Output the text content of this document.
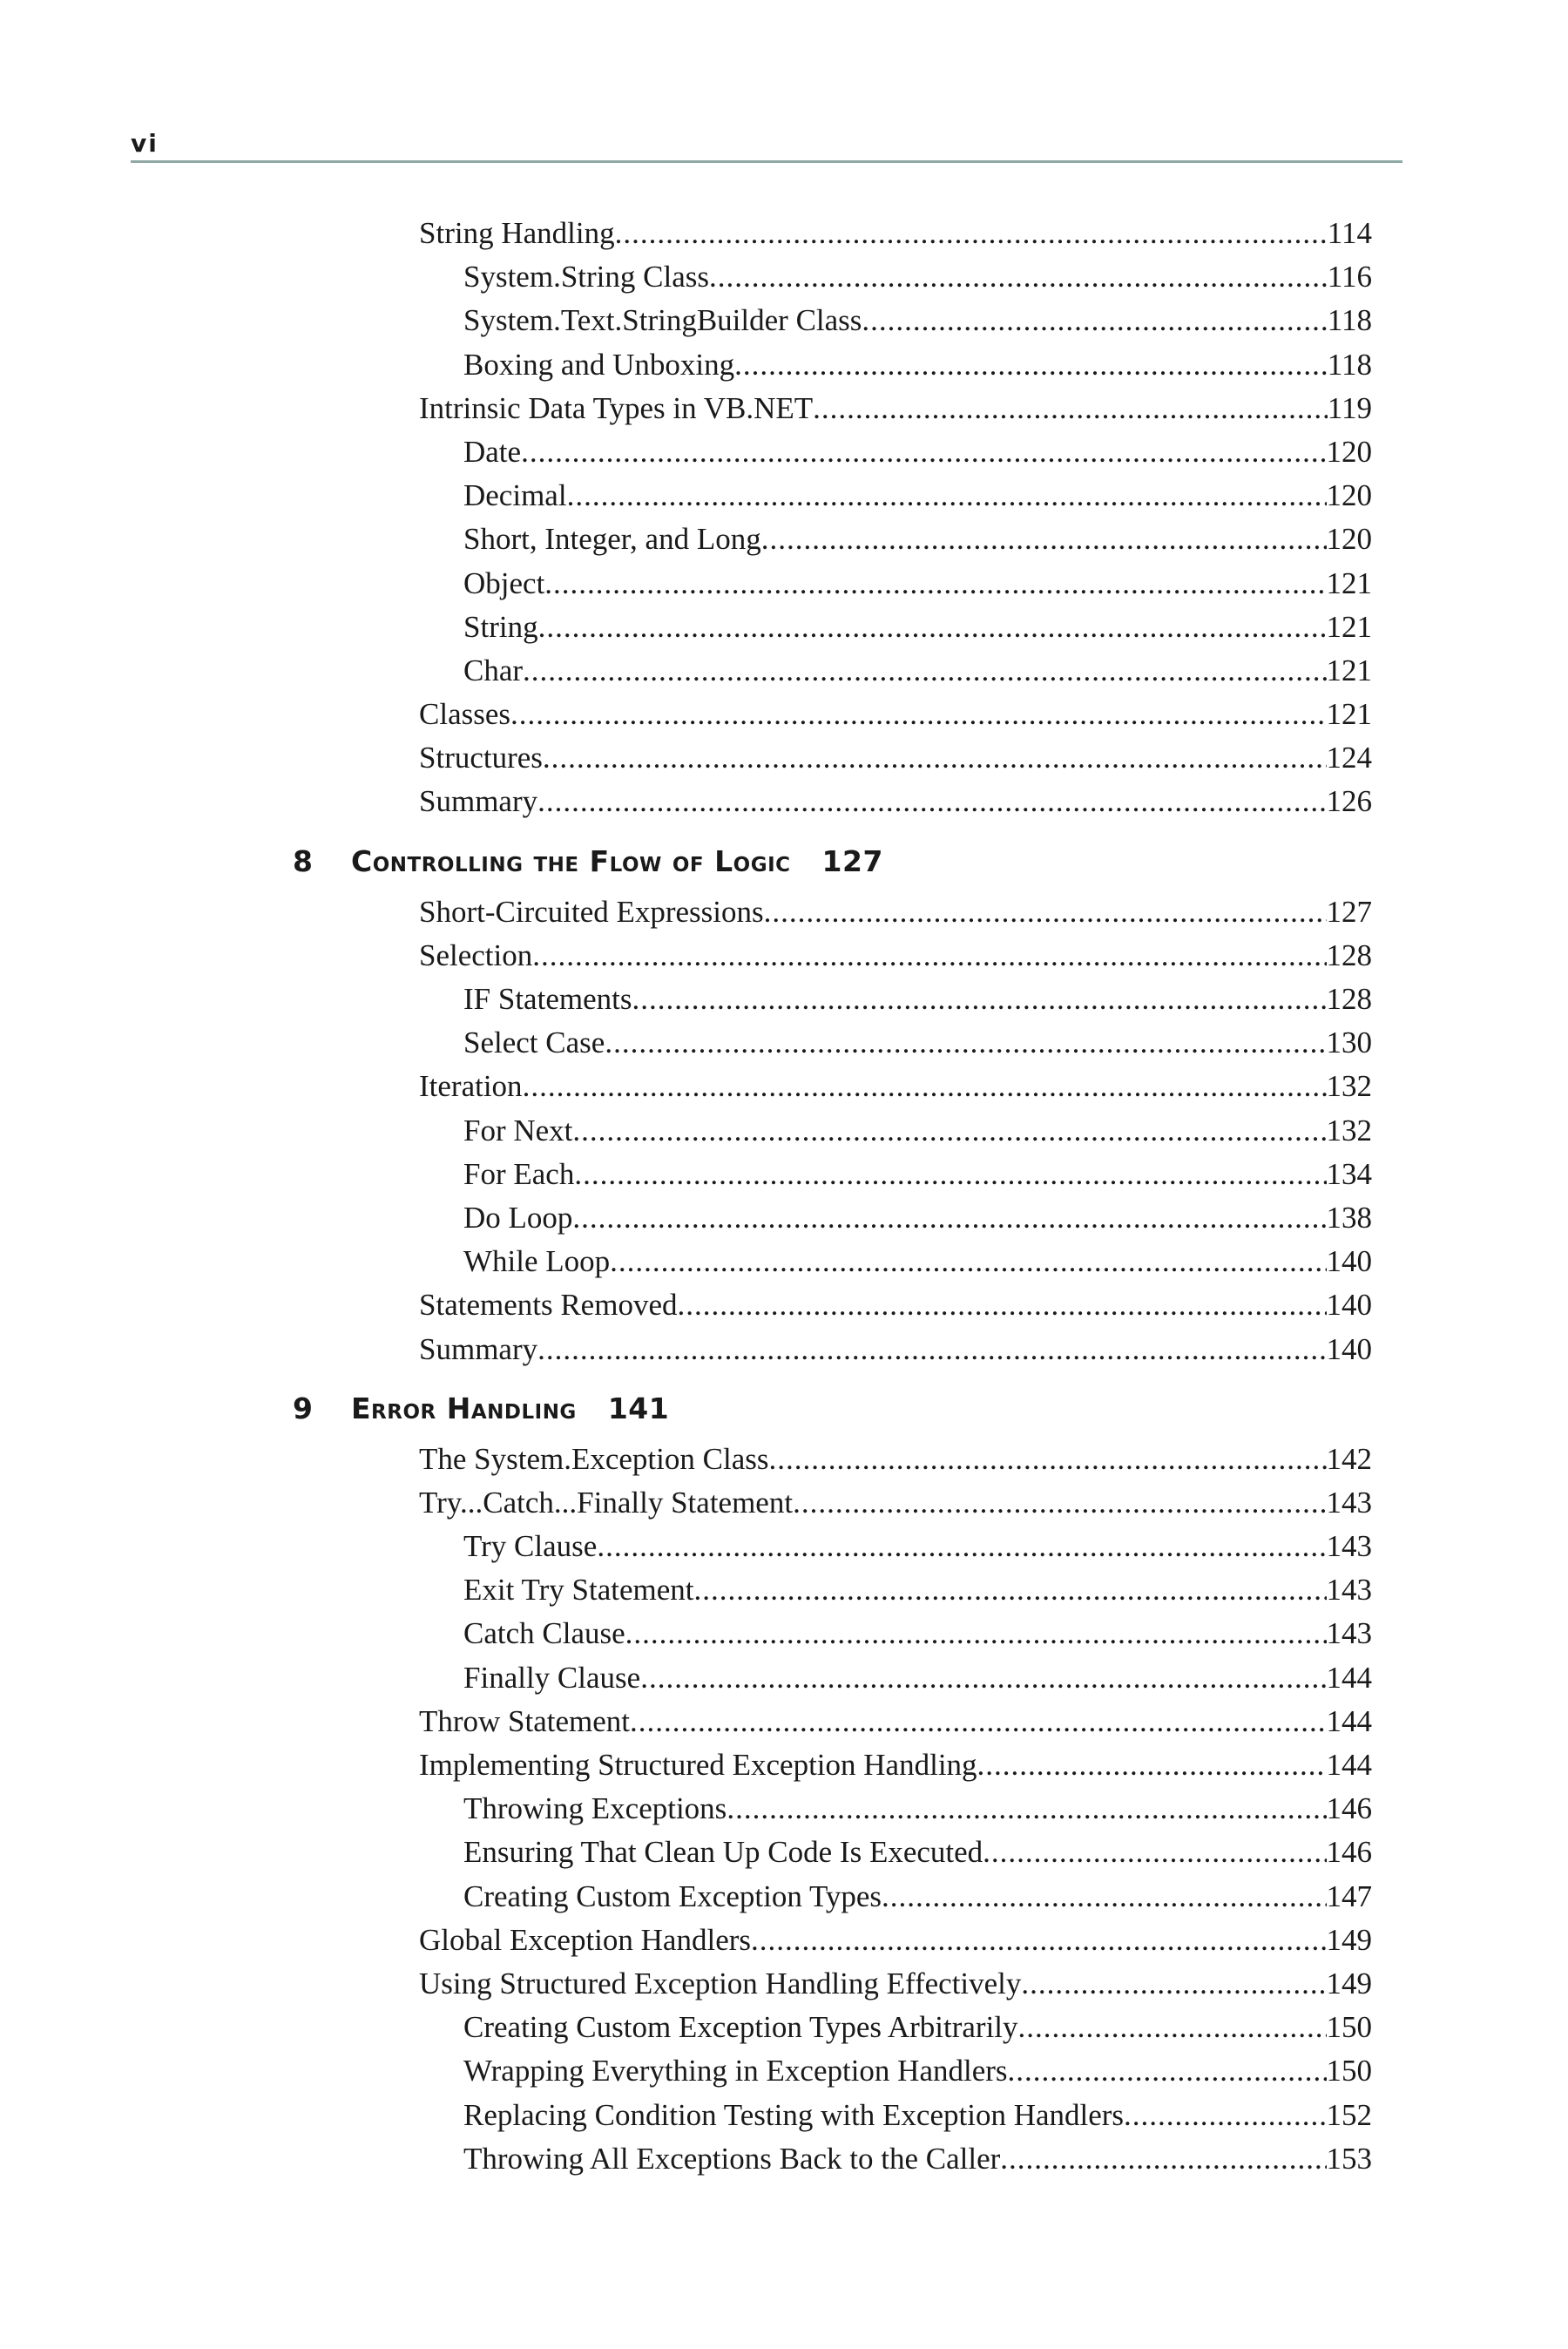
vi
String Handling .....	114
System.String Class .....	116
System.Text.StringBuilder Class .....	118
Boxing and Unboxing .....	118
Intrinsic Data Types in VB.NET .....	119
Date .....	120
Decimal .....	120
Short, Integer, and Long .....	120
Object .....	121
String .....	121
Char .....	121
Classes .....	121
Structures .....	124
Summary .....	126
8 Controlling the Flow of Logic 127
Short-Circuited Expressions .....	127
Selection .....	128
IF Statements .....	128
Select Case .....	130
Iteration .....	132
For Next .....	132
For Each .....	134
Do Loop .....	138
While Loop .....	140
Statements Removed .....	140
Summary .....	140
9 Error Handling 141
The System.Exception Class .....	142
Try...Catch...Finally Statement .....	143
Try Clause .....	143
Exit Try Statement .....	143
Catch Clause .....	143
Finally Clause .....	144
Throw Statement .....	144
Implementing Structured Exception Handling .....	144
Throwing Exceptions .....	146
Ensuring That Clean Up Code Is Executed .....	146
Creating Custom Exception Types .....	147
Global Exception Handlers .....	149
Using Structured Exception Handling Effectively .....	149
Creating Custom Exception Types Arbitrarily .....	150
Wrapping Everything in Exception Handlers .....	150
Replacing Condition Testing with Exception Handlers .....	152
Throwing All Exceptions Back to the Caller .....	153
